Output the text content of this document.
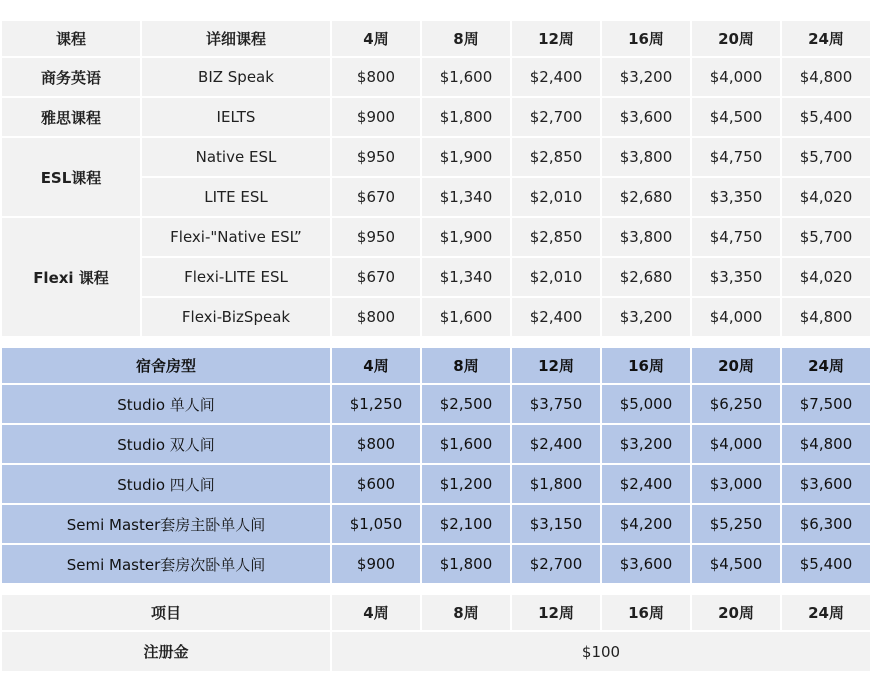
课程	详细课程	4周	8周	12周	16周	20周	24周
商务英语	BIZ Speak	$800	$1,600	$2,400	$3,200	$4,000	$4,800
雅思课程	IELTS	$900	$1,800	$2,700	$3,600	$4,500	$5,400
ESL课程	Native ESL	$950	$1,900	$2,850	$3,800	$4,750	$5,700
	LITE ESL	$670	$1,340	$2,010	$2,680	$3,350	$4,020
Flexi 课程	Flexi-"Native ESL”	$950	$1,900	$2,850	$3,800	$4,750	$5,700
	Flexi-LITE ESL	$670	$1,340	$2,010	$2,680	$3,350	$4,020
	Flexi-BizSpeak	$800	$1,600	$2,400	$3,200	$4,000	$4,800
宿舍房型	4周	8周	12周	16周	20周	24周
Studio 单人间	$1,250	$2,500	$3,750	$5,000	$6,250	$7,500
Studio 双人间	$800	$1,600	$2,400	$3,200	$4,000	$4,800
Studio 四人间	$600	$1,200	$1,800	$2,400	$3,000	$3,600
Semi Master套房主卧单人间	$1,050	$2,100	$3,150	$4,200	$5,250	$6,300
Semi Master套房次卧单人间	$900	$1,800	$2,700	$3,600	$4,500	$5,400
项目	4周	8周	12周	16周	20周	24周
注册金	$100					
